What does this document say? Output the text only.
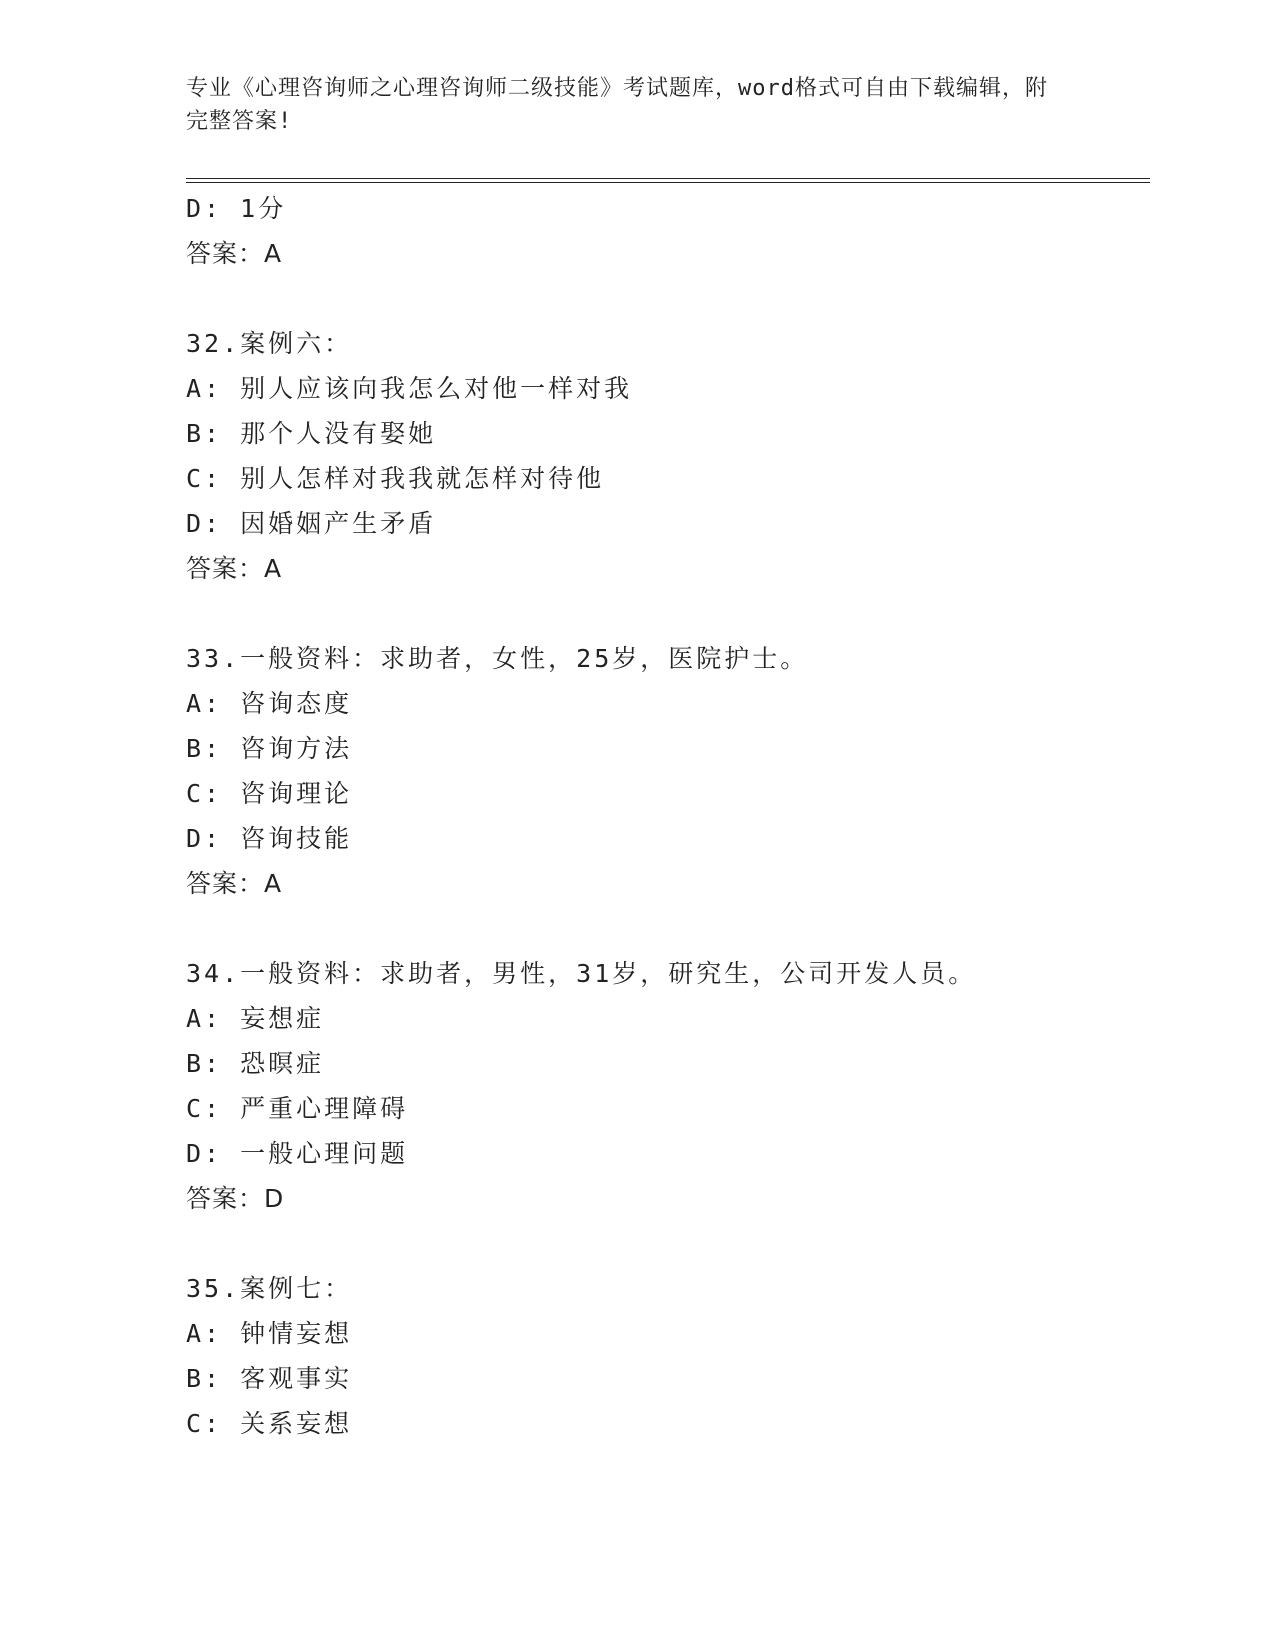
专业《心理咨询师之心理咨询师二级技能》考试题库，word格式可自由下载编辑，附完整答案!
D: 1分
答案：A
32.案例六：
A: 别人应该向我怎么对他一样对我
B: 那个人没有娶她
C: 别人怎样对我我就怎样对待他
D: 因婚姻产生矛盾
答案：A
33.一般资料：求助者，女性，25岁，医院护士。
A: 咨询态度
B: 咨询方法
C: 咨询理论
D: 咨询技能
答案：A
34.一般资料：求助者，男性，31岁，研究生，公司开发人员。
A: 妄想症
B: 恐暝症
C: 严重心理障碍
D: 一般心理问题
答案：D
35.案例七：
A: 钟情妄想
B: 客观事实
C: 关系妄想
